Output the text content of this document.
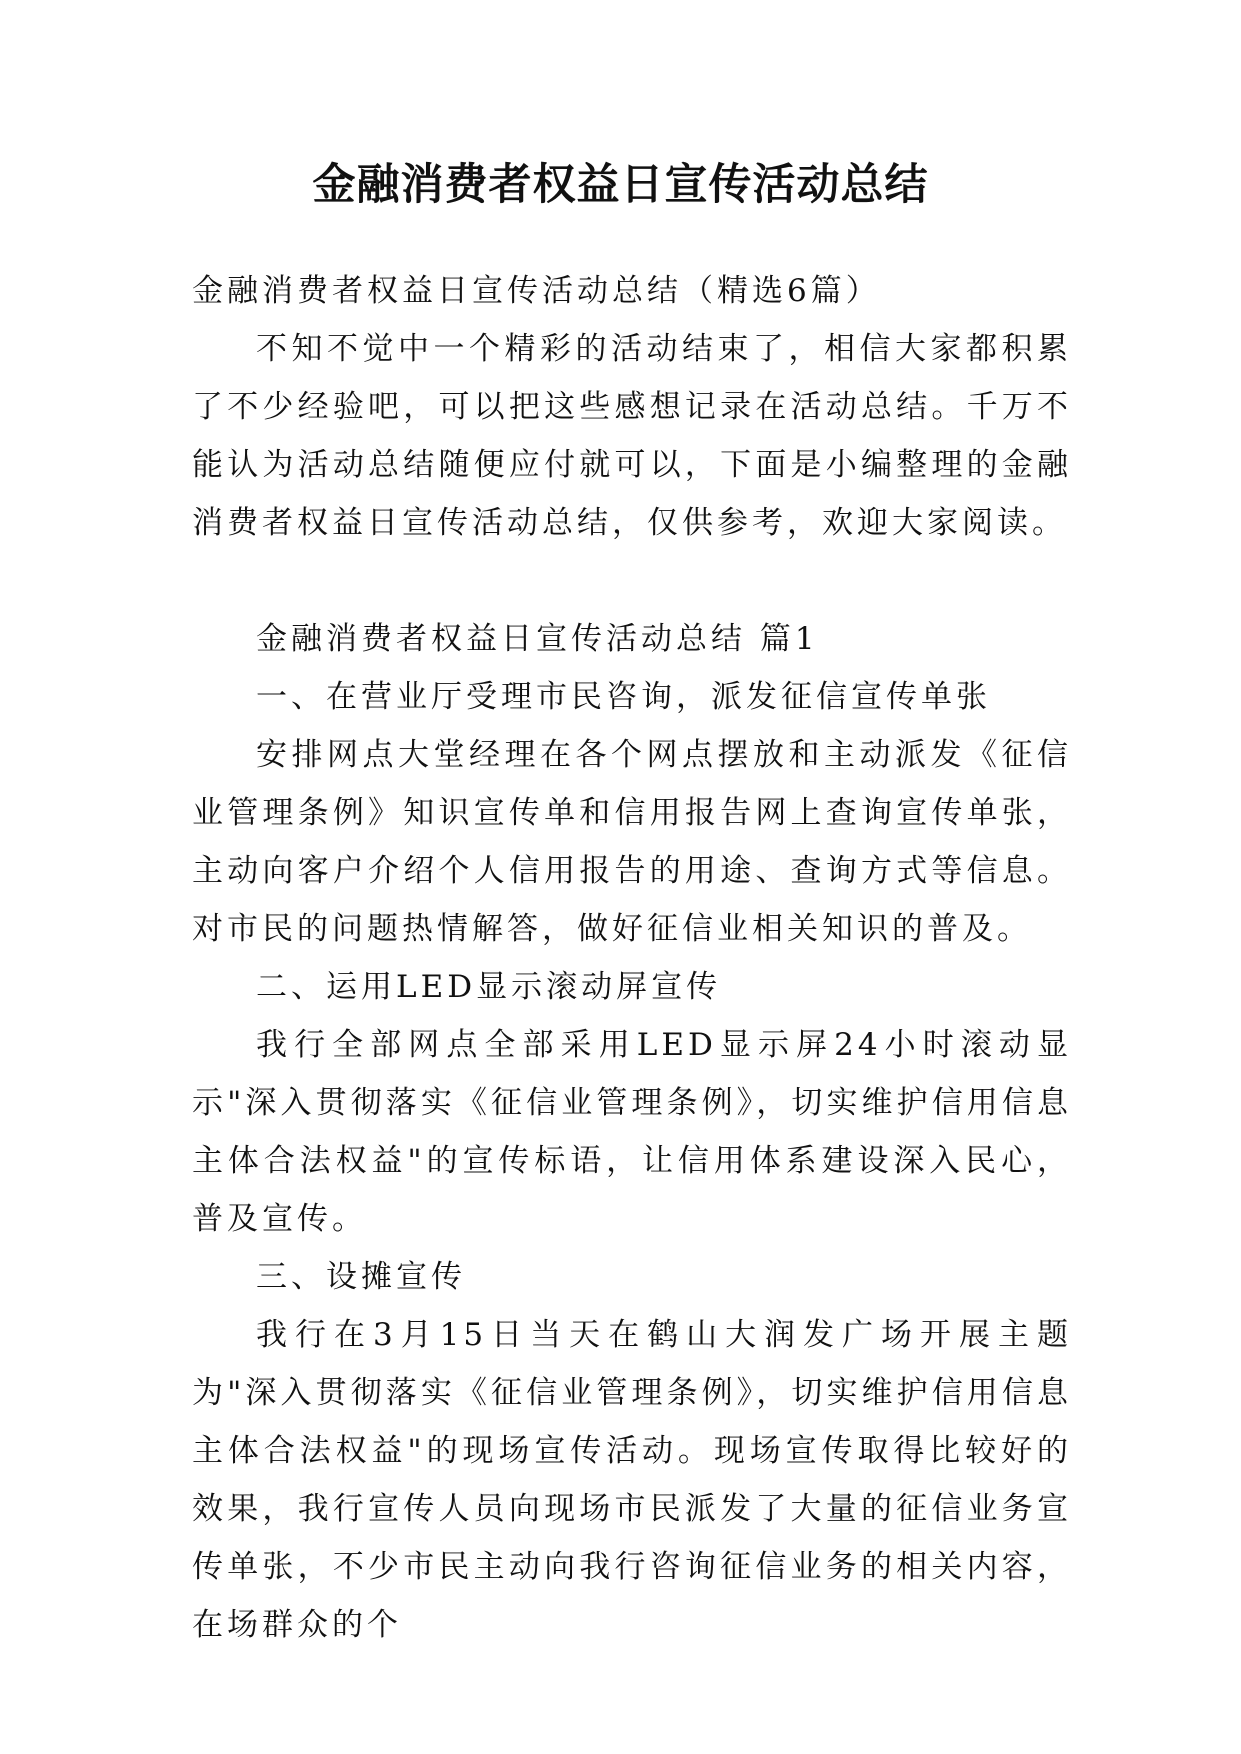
金融消费者权益日宣传活动总结

金融消费者权益日宣传活动总结（精选6篇）

不知不觉中一个精彩的活动结束了，相信大家都积累了不少经验吧，可以把这些感想记录在活动总结。千万不能认为活动总结随便应付就可以，下面是小编整理的金融消费者权益日宣传活动总结，仅供参考，欢迎大家阅读。

金融消费者权益日宣传活动总结 篇1

一、在营业厅受理市民咨询，派发征信宣传单张

安排网点大堂经理在各个网点摆放和主动派发《征信业管理条例》知识宣传单和信用报告网上查询宣传单张，主动向客户介绍个人信用报告的用途、查询方式等信息。对市民的问题热情解答，做好征信业相关知识的普及。

二、运用LED显示滚动屏宣传

我行全部网点全部采用LED显示屏24小时滚动显示"深入贯彻落实《征信业管理条例》，切实维护信用信息主体合法权益"的宣传标语，让信用体系建设深入民心，普及宣传。

三、设摊宣传

我行在3月15日当天在鹤山大润发广场开展主题为"深入贯彻落实《征信业管理条例》，切实维护信用信息主体合法权益"的现场宣传活动。现场宣传取得比较好的效果，我行宣传人员向现场市民派发了大量的征信业务宣传单张，不少市民主动向我行咨询征信业务的相关内容，在场群众的个
